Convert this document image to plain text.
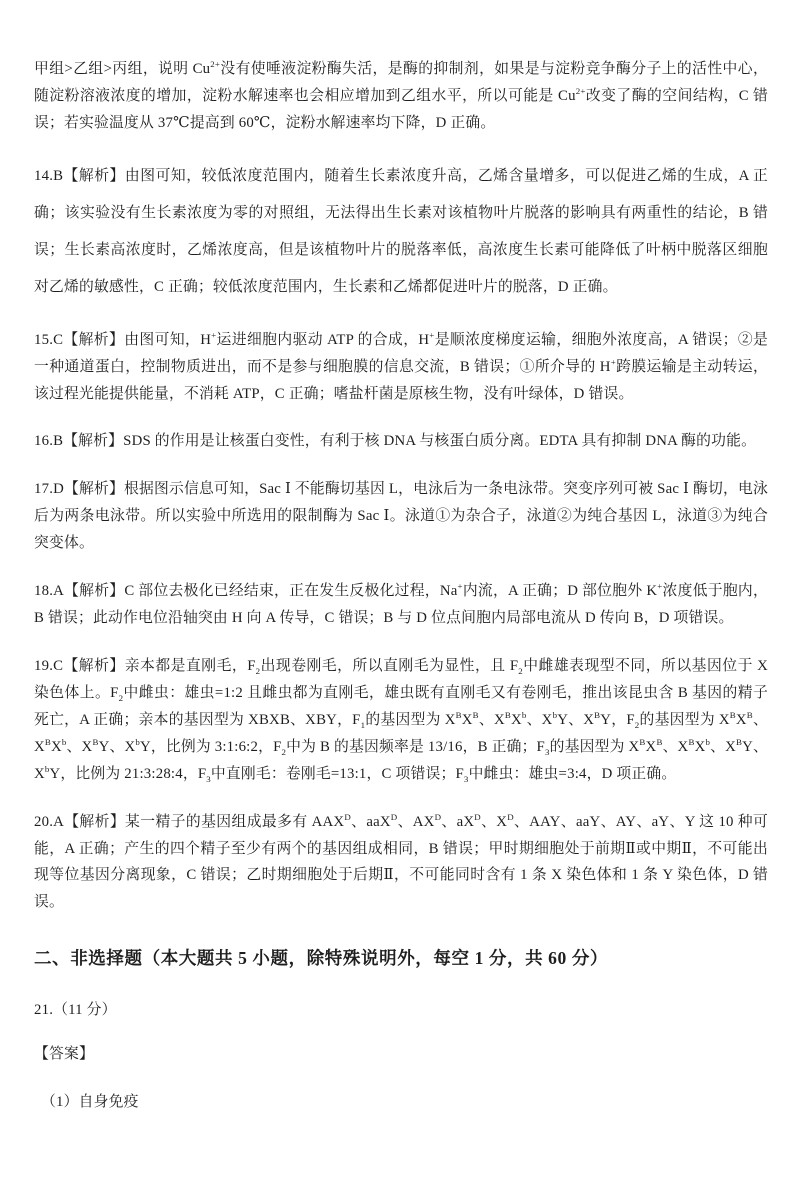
甲组>乙组>丙组，说明 $Cu^{2+}$没有使唾液淀粉酶失活，是酶的抑制剂，如果是与淀粉竞争酶分子上的活性中心，随淀粉溶液浓度的增加，淀粉水解速率也会相应增加到乙组水平，所以可能是 $Cu^{2+}$改变了酶的空间结构，C 错误；若实验温度从 37℃提高到 60℃，淀粉水解速率均下降，D 正确。

14.B【解析】由图可知，较低浓度范围内，随着生长素浓度升高，乙烯含量增多，可以促进乙烯的生成，A 正确；该实验没有生长素浓度为零的对照组，无法得出生长素对该植物叶片脱落的影响具有两重性的结论，B 错误；生长素高浓度时，乙烯浓度高，但是该植物叶片的脱落率低，高浓度生长素可能降低了叶柄中脱落区细胞对乙烯的敏感性，C 正确；较低浓度范围内，生长素和乙烯都促进叶片的脱落，D 正确。

15.C【解析】由图可知，H+运进细胞内驱动 ATP 的合成，H+是顺浓度梯度运输，细胞外浓度高，A 错误；②是一种通道蛋白，控制物质进出，而不是参与细胞膜的信息交流，B 错误；①所介导的 H+跨膜运输是主动转运，该过程光能提供能量，不消耗 ATP，C 正确；嗜盐杆菌是原核生物，没有叶绿体，D 错误。

16.B【解析】SDS 的作用是让核蛋白变性，有利于核 DNA 与核蛋白质分离。EDTA 具有抑制 DNA 酶的功能。

17.D【解析】根据图示信息可知，Sac Ⅰ 不能酶切基因 L，电泳后为一条电泳带。突变序列可被 Sac Ⅰ 酶切，电泳后为两条电泳带。所以实验中所选用的限制酶为 Sac Ⅰ。泳道①为杂合子，泳道②为纯合基因 L，泳道③为纯合突变体。

18.A【解析】C 部位去极化已经结束，正在发生反极化过程，Na+内流，A 正确；D 部位胞外 K+浓度低于胞内，B 错误；此动作电位沿轴突由 H 向 A 传导，C 错误；B 与 D 位点间胞内局部电流从 D 传向 B，D 项错误。

19.C【解析】亲本都是直刚毛，$F_2$出现卷刚毛，所以直刚毛为显性，且 $F_2$中雌雄表现型不同，所以基因位于 X 染色体上。$F_2$中雌虫：雄虫=1:2 且雌虫都为直刚毛，雄虫既有直刚毛又有卷刚毛，推出该昆虫含 B 基因的精子死亡，A 正确；亲本的基因型为 XBXB、XBY，$F_1$的基因型为 $X^BX^B$、$X^BX^b$、$X^bY$、$X^BY$，$F_2$的基因型为 $X^BX^B$、$X^BX^b$、$X^BY$、$X^bY$，比例为 3:1:6:2，$F_2$中为 B 的基因频率是 13/16，B 正确；$F_3$的基因型为 $X^BX^B$、$X^BX^b$、$X^BY$、$X^bY$，比例为 21:3:28:4，$F_3$中直刚毛：卷刚毛=13:1，C 项错误；$F_3$中雌虫：雄虫=3:4，D 项正确。

20.A【解析】某一精子的基因组成最多有 $AAX^D$、aaX$^D$、$AX^D$、$aX^D$、$X^D$、AAY、aaY、AY、aY、Y 这 10 种可能，A 正确；产生的四个精子至少有两个的基因组成相同，B 错误；甲时期细胞处于前期Ⅱ或中期Ⅱ，不可能出现等位基因分离现象，C 错误；乙时期细胞处于后期Ⅱ，不可能同时含有 1 条 X 染色体和 1 条 Y 染色体，D 错误。

二、非选择题（本大题共 5 小题，除特殊说明外，每空 1 分，共 60 分）

21.（11 分）

【答案】

（1）自身免疫
